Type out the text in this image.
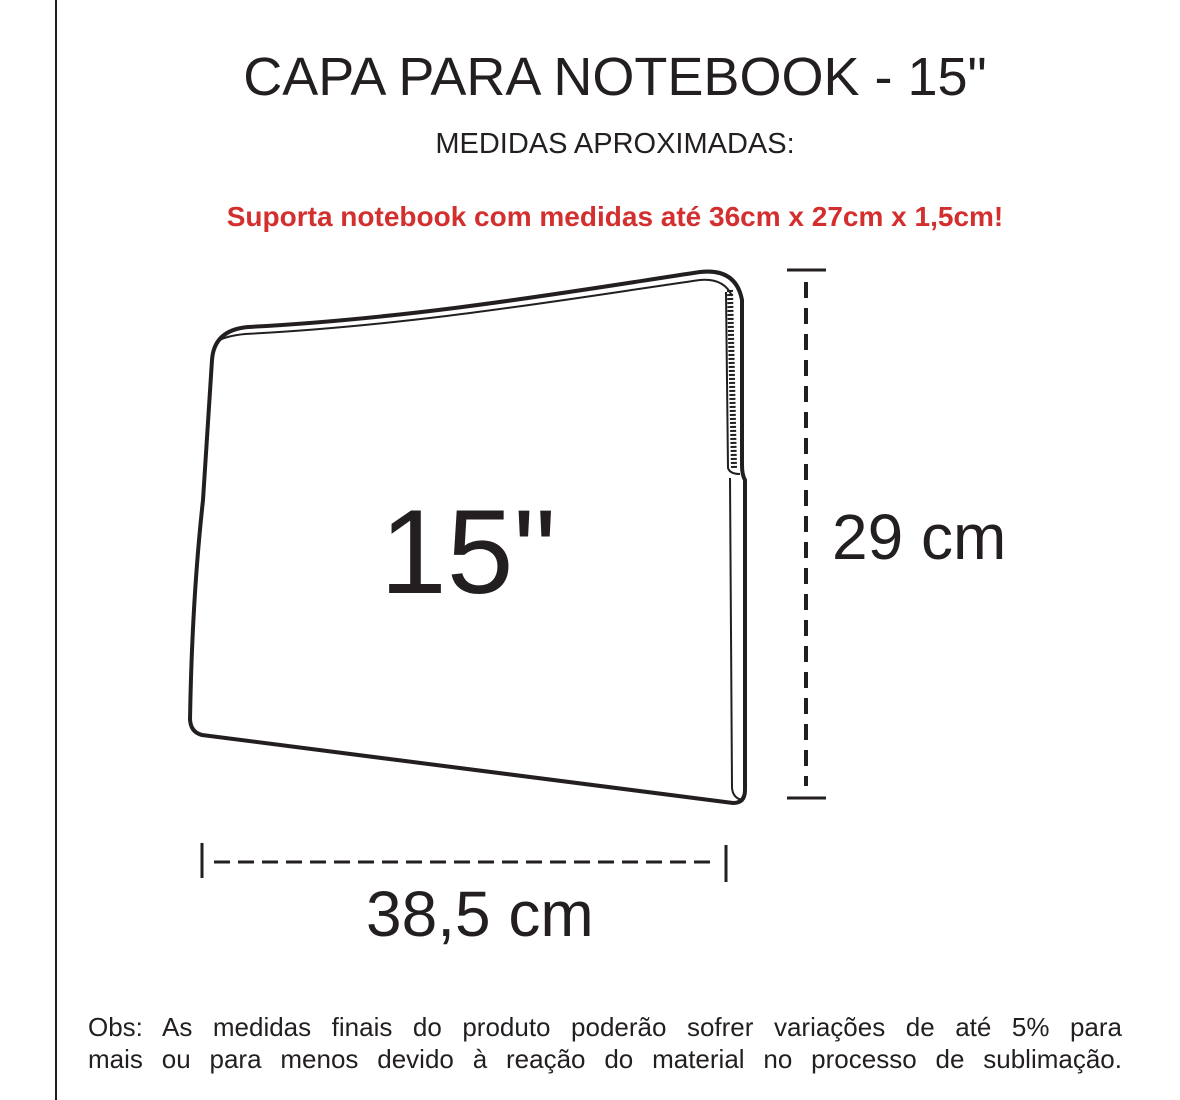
CAPA PARA NOTEBOOK - 15"
MEDIDAS APROXIMADAS:
Suporta notebook com medidas até 36cm x 27cm x 1,5cm!
15"	29 cm
38,5 cm
Obs: As medidas finais do produto poderão sofrer variações de até 5% para
mais ou para menos devido à reação do material no processo de sublimação.
